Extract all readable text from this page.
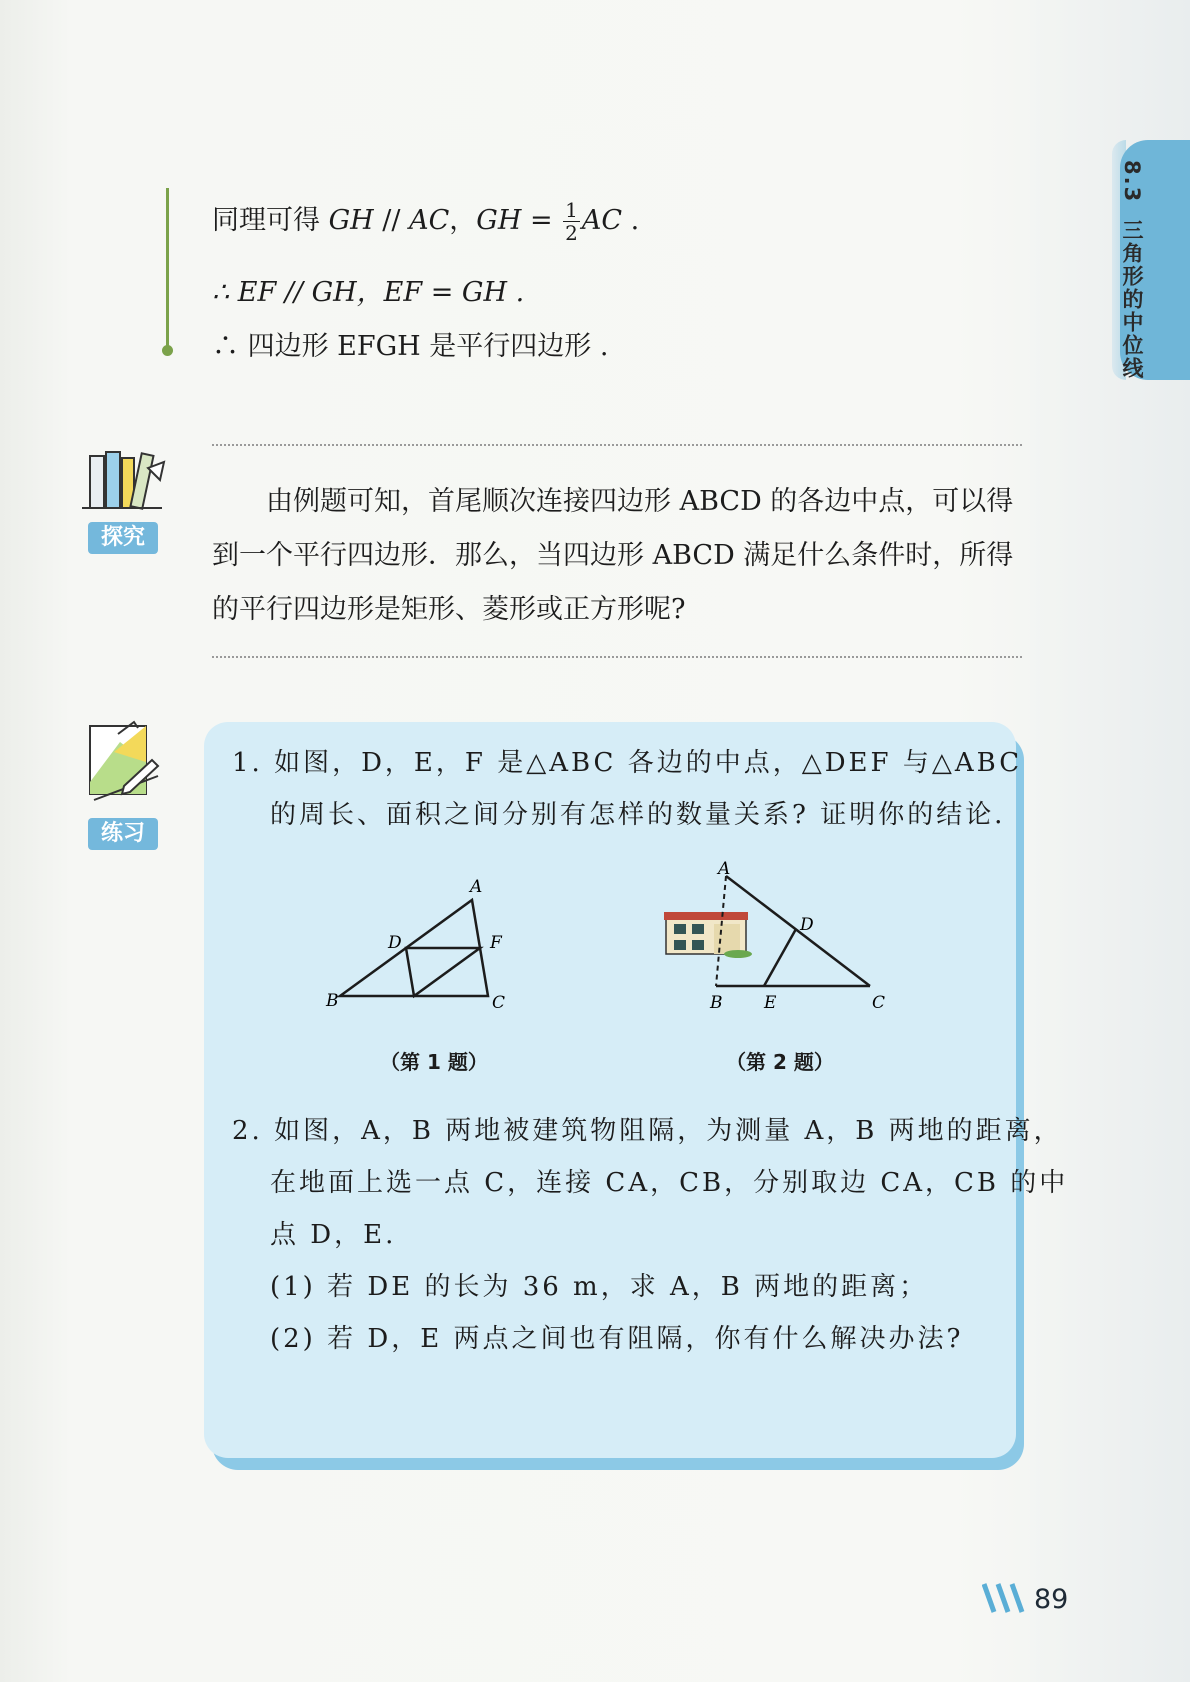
8.3三角形的中位线
同理可得 GH // AC，GH = $\frac{1}{2}$ AC .
∴ EF // GH，EF = GH .
∴ 四边形 EFGH 是平行四边形 .
探究
由例题可知，首尾顺次连接四边形 ABCD 的各边中点，可以得到一个平行四边形．那么，当四边形 ABCD 满足什么条件时，所得的平行四边形是矩形、菱形或正方形呢?
练习
1. 如图，D，E，F 是△ABC 各边的中点，△DEF 与△ABC
的周长、面积之间分别有怎样的数量关系? 证明你的结论．
A
B	C
D	F
（第 1 题）
A
B	C
D
E
（第 2 题）
2. 如图，A，B 两地被建筑物阻隔，为测量 A，B 两地的距离，
在地面上选一点 C，连接 CA，CB，分别取边 CA，CB 的中
点 D，E.
(1) 若 DE 的长为 36 m，求 A，B 两地的距离；
(2) 若 D，E 两点之间也有阻隔，你有什么解决办法?
89
